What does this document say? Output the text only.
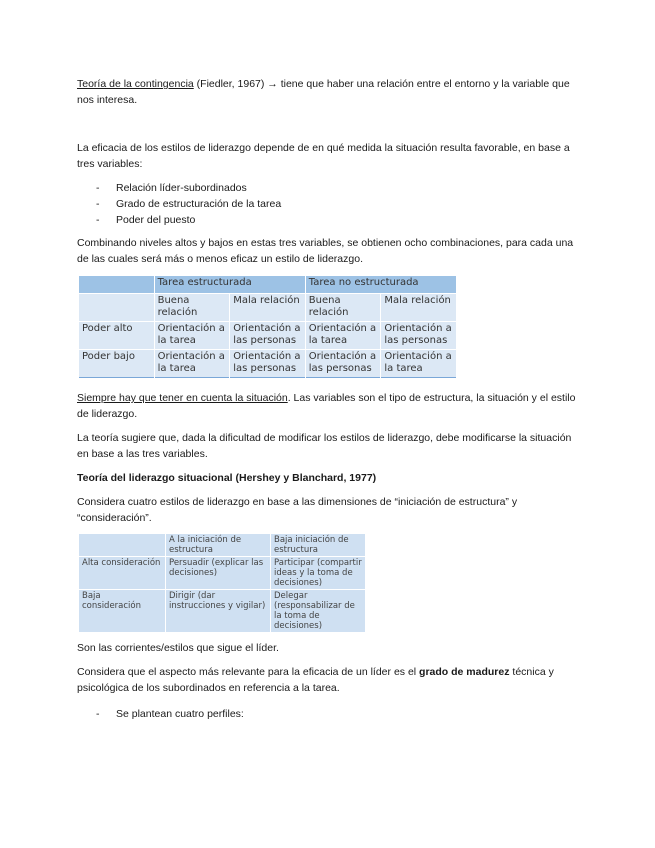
Teoría de la contingencia (Fiedler, 1967) → tiene que haber una relación entre el entorno y la variable que nos interesa.

La eficacia de los estilos de liderazgo depende de en qué medida la situación resulta favorable, en base a tres variables:

- Relación líder-subordinados
- Grado de estructuración de la tarea
- Poder del puesto

Combinando niveles altos y bajos en estas tres variables, se obtienen ocho combinaciones, para cada una de las cuales será más o menos eficaz un estilo de liderazgo.

	Tarea estructurada		Tarea no estructurada	
	Buena relación	Mala relación	Buena relación	Mala relación
Poder alto	Orientación a la tarea	Orientación a las personas	Orientación a la tarea	Orientación a las personas
Poder bajo	Orientación a la tarea	Orientación a las personas	Orientación a las personas	Orientación a la tarea

Siempre hay que tener en cuenta la situación. Las variables son el tipo de estructura, la situación y el estilo de liderazgo.

La teoría sugiere que, dada la dificultad de modificar los estilos de liderazgo, debe modificarse la situación en base a las tres variables.

Teoría del liderazgo situacional (Hershey y Blanchard, 1977)

Considera cuatro estilos de liderazgo en base a las dimensiones de “iniciación de estructura” y “consideración”.

	A la iniciación de estructura	Baja iniciación de estructura
Alta consideración	Persuadir (explicar las decisiones)	Participar (compartir ideas y la toma de decisiones)
Baja consideración	Dirigir (dar instrucciones y vigilar)	Delegar (responsabilizar de la toma de decisiones)

Son las corrientes/estilos que sigue el líder.

Considera que el aspecto más relevante para la eficacia de un líder es el grado de madurez técnica y psicológica de los subordinados en referencia a la tarea.

- Se plantean cuatro perfiles:
